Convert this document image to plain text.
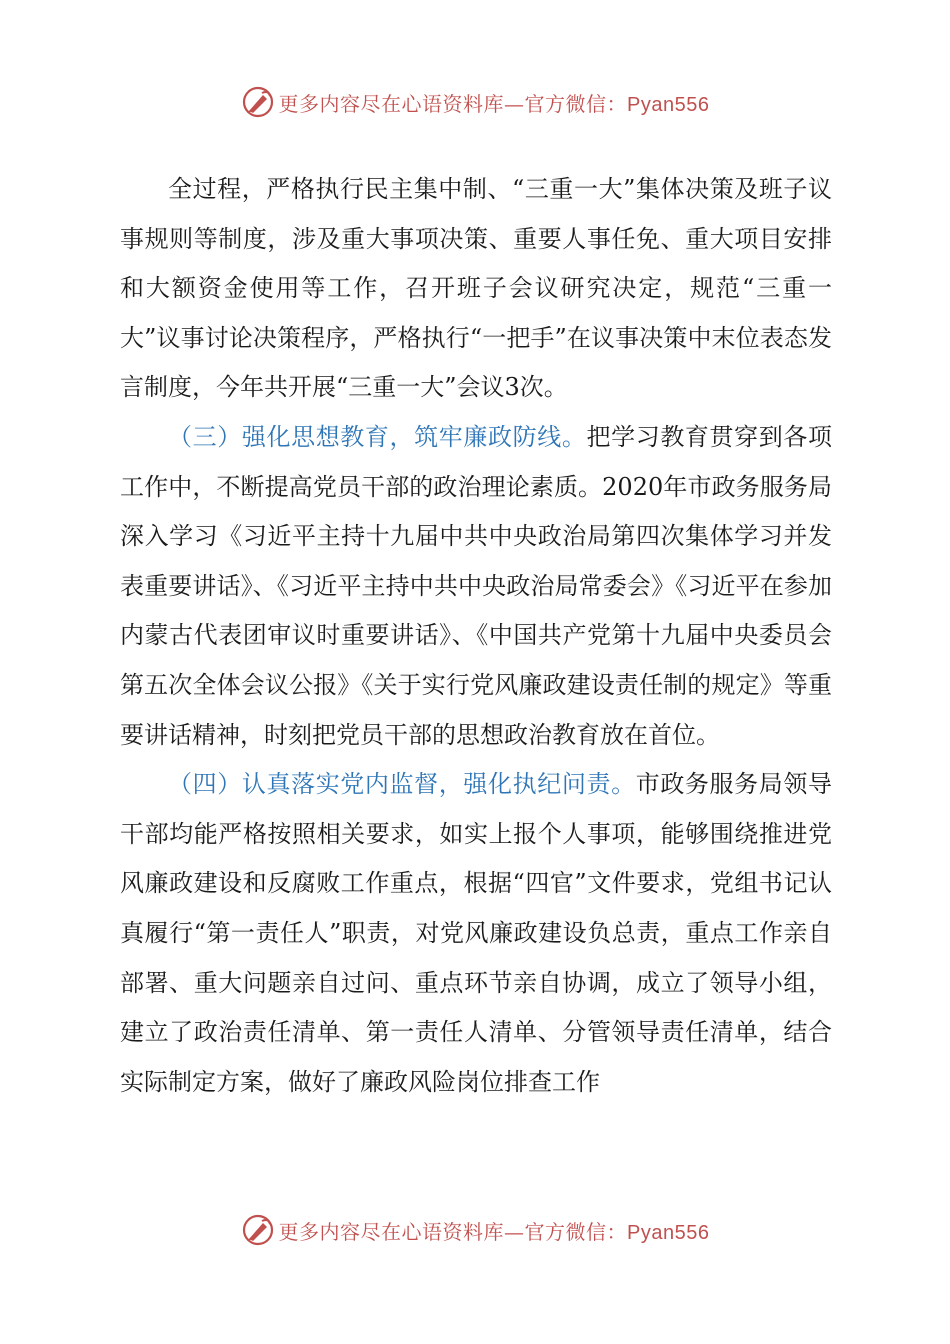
更多内容尽在心语资料库—官方微信：Pyan556

全过程，严格执行民主集中制、“三重一大”集体决策及班子议事规则等制度，涉及重大事项决策、重要人事任免、重大项目安排和大额资金使用等工作，召开班子会议研究决定，规范“三重一大”议事讨论决策程序，严格执行“一把手”在议事决策中末位表态发言制度，今年共开展“三重一大”会议3次。

（三）强化思想教育，筑牢廉政防线。把学习教育贯穿到各项工作中，不断提高党员干部的政治理论素质。2020年市政务服务局深入学习《习近平主持十九届中共中央政治局第四次集体学习并发表重要讲话》、《习近平主持中共中央政治局常委会》《习近平在参加内蒙古代表团审议时重要讲话》、《中国共产党第十九届中央委员会第五次全体会议公报》《关于实行党风廉政建设责任制的规定》等重要讲话精神，时刻把党员干部的思想政治教育放在首位。

（四）认真落实党内监督，强化执纪问责。市政务服务局领导干部均能严格按照相关要求，如实上报个人事项，能够围绕推进党风廉政建设和反腐败工作重点，根据“四官”文件要求，党组书记认真履行“第一责任人”职责，对党风廉政建设负总责，重点工作亲自部署、重大问题亲自过问、重点环节亲自协调，成立了领导小组，建立了政治责任清单、第一责任人清单、分管领导责任清单，结合实际制定方案，做好了廉政风险岗位排查工作

更多内容尽在心语资料库—官方微信：Pyan556
